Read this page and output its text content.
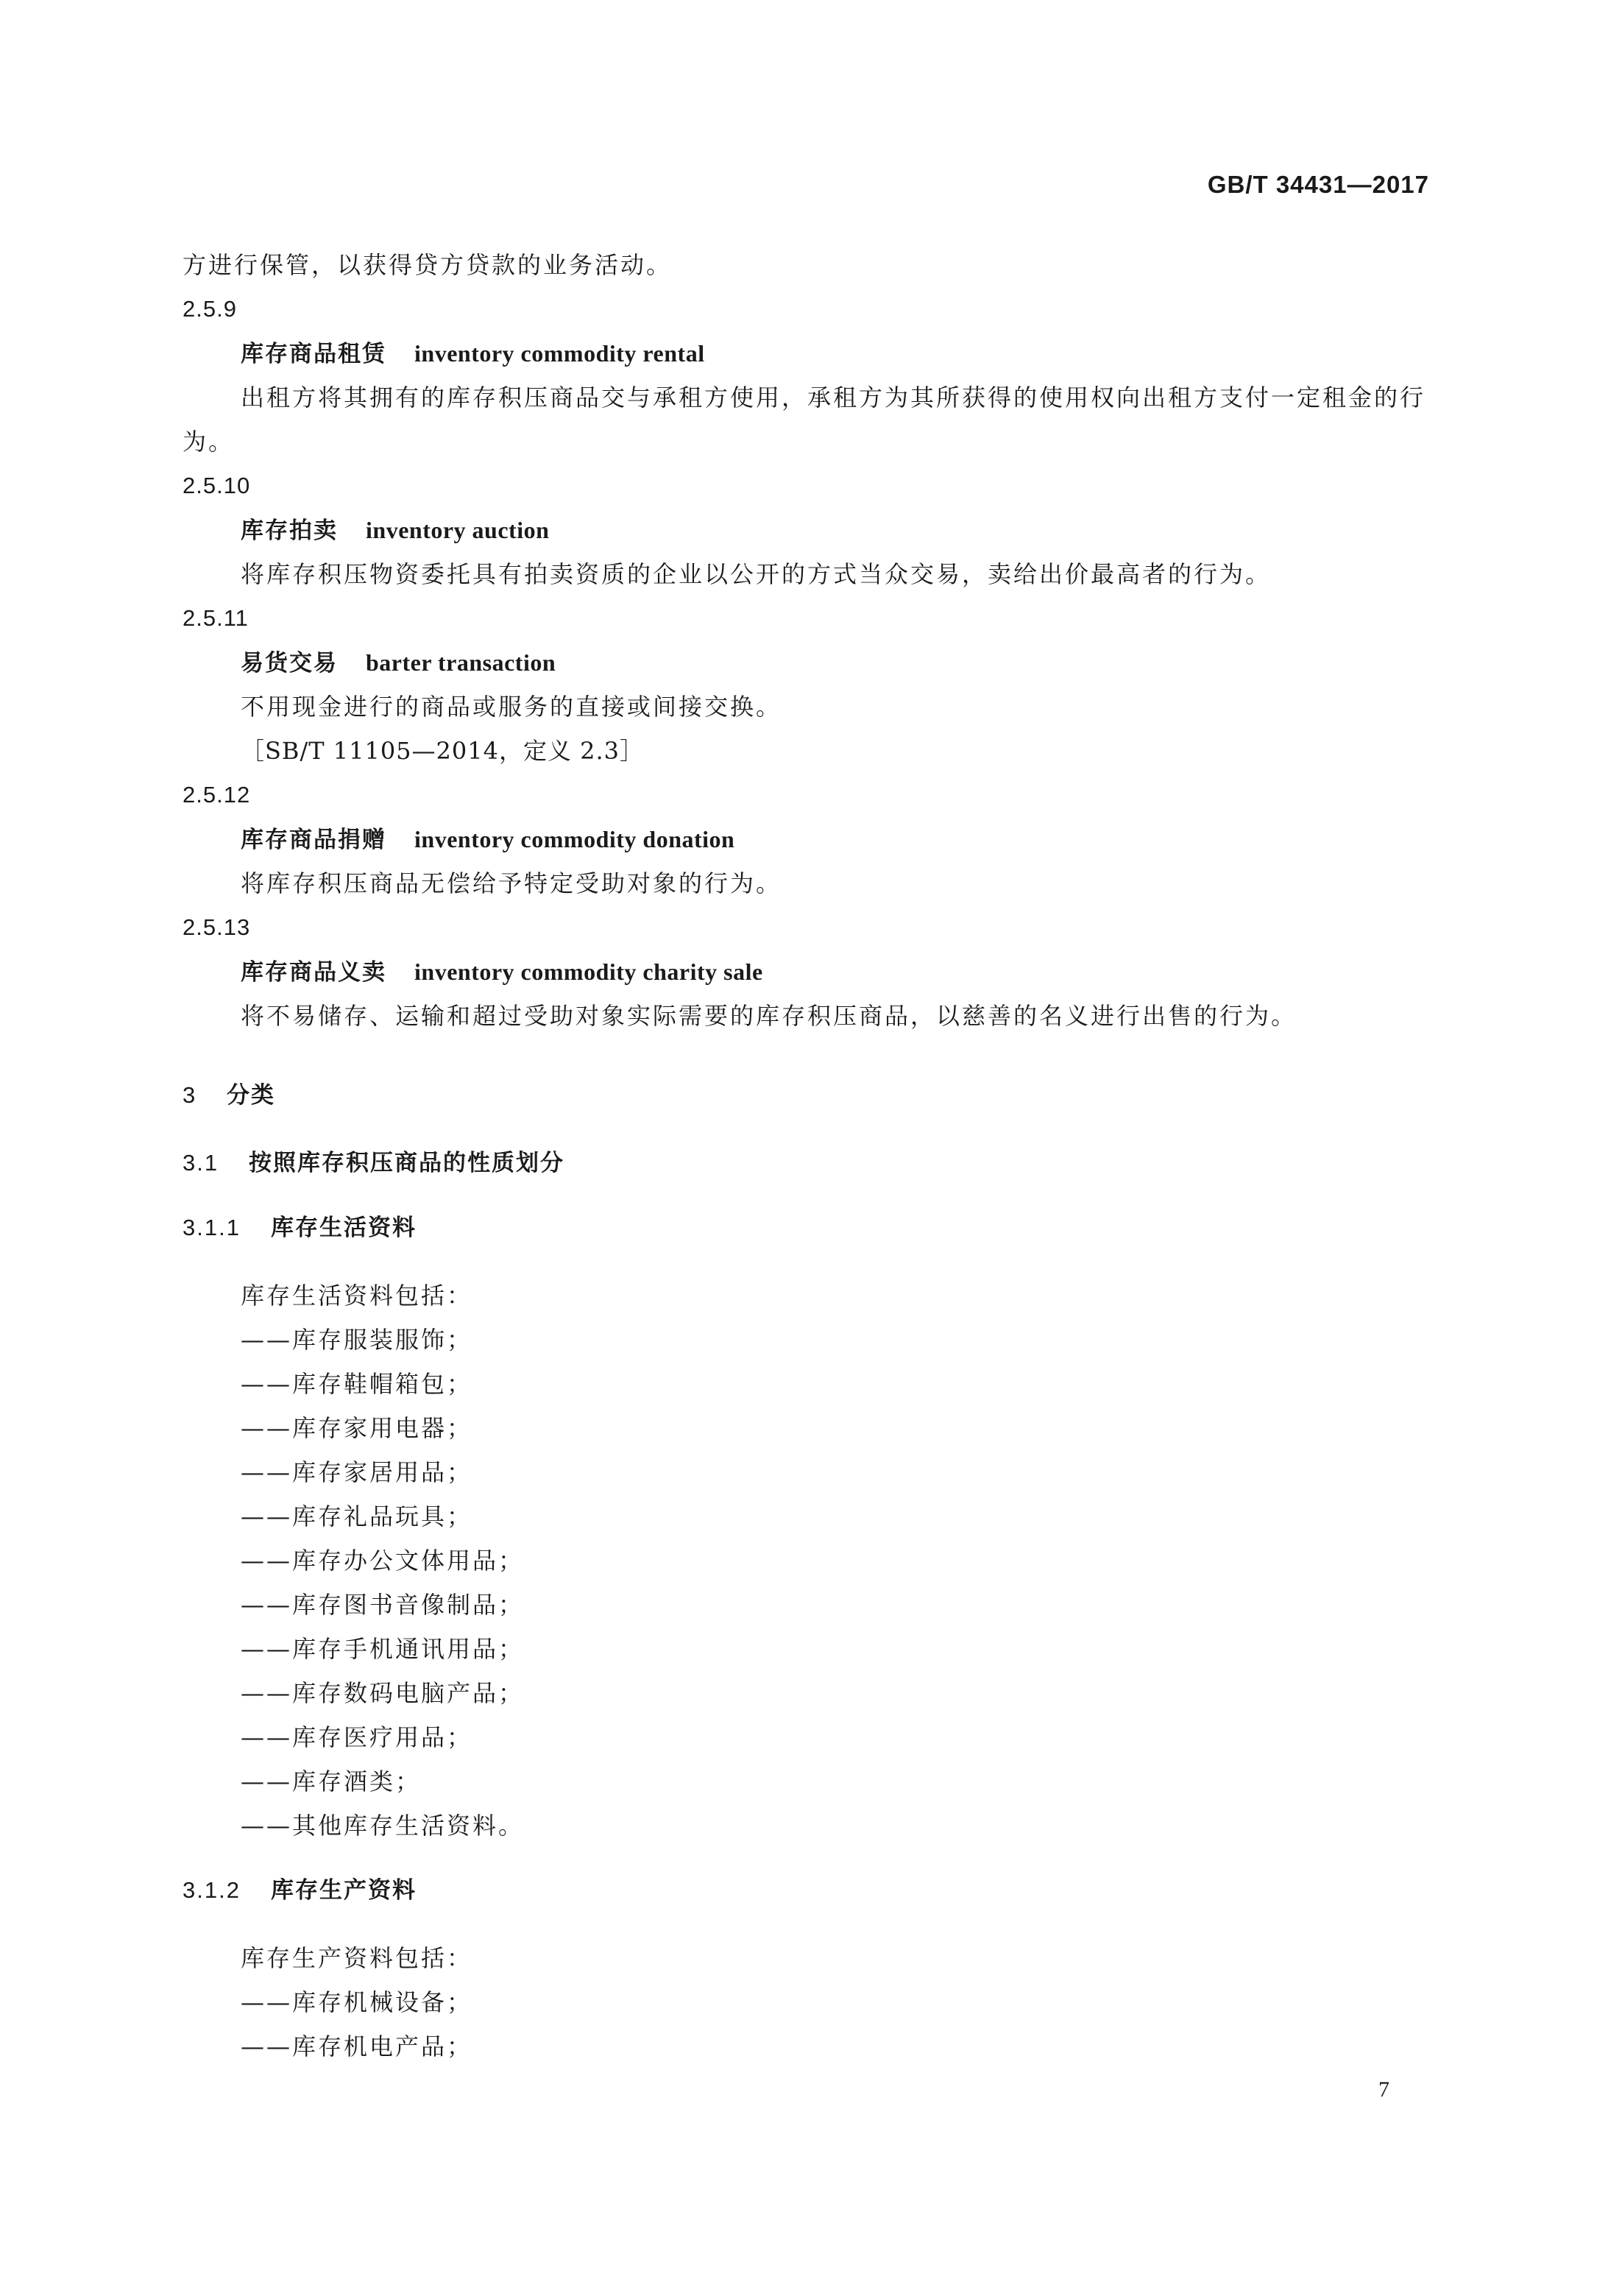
GB/T 34431—2017
方进行保管，以获得贷方贷款的业务活动。
2.5.9
库存商品租赁 inventory commodity rental
出租方将其拥有的库存积压商品交与承租方使用，承租方为其所获得的使用权向出租方支付一定租金的行为。
2.5.10
库存拍卖 inventory auction
将库存积压物资委托具有拍卖资质的企业以公开的方式当众交易，卖给出价最高者的行为。
2.5.11
易货交易 barter transaction
不用现金进行的商品或服务的直接或间接交换。
［SB/T 11105—2014，定义 2.3］
2.5.12
库存商品捐赠 inventory commodity donation
将库存积压商品无偿给予特定受助对象的行为。
2.5.13
库存商品义卖 inventory commodity charity sale
将不易储存、运输和超过受助对象实际需要的库存积压商品，以慈善的名义进行出售的行为。
3 分类
3.1 按照库存积压商品的性质划分
3.1.1 库存生活资料
库存生活资料包括：
——库存服装服饰；
——库存鞋帽箱包；
——库存家用电器；
——库存家居用品；
——库存礼品玩具；
——库存办公文体用品；
——库存图书音像制品；
——库存手机通讯用品；
——库存数码电脑产品；
——库存医疗用品；
——库存酒类；
——其他库存生活资料。
3.1.2 库存生产资料
库存生产资料包括：
——库存机械设备；
——库存机电产品；
7
